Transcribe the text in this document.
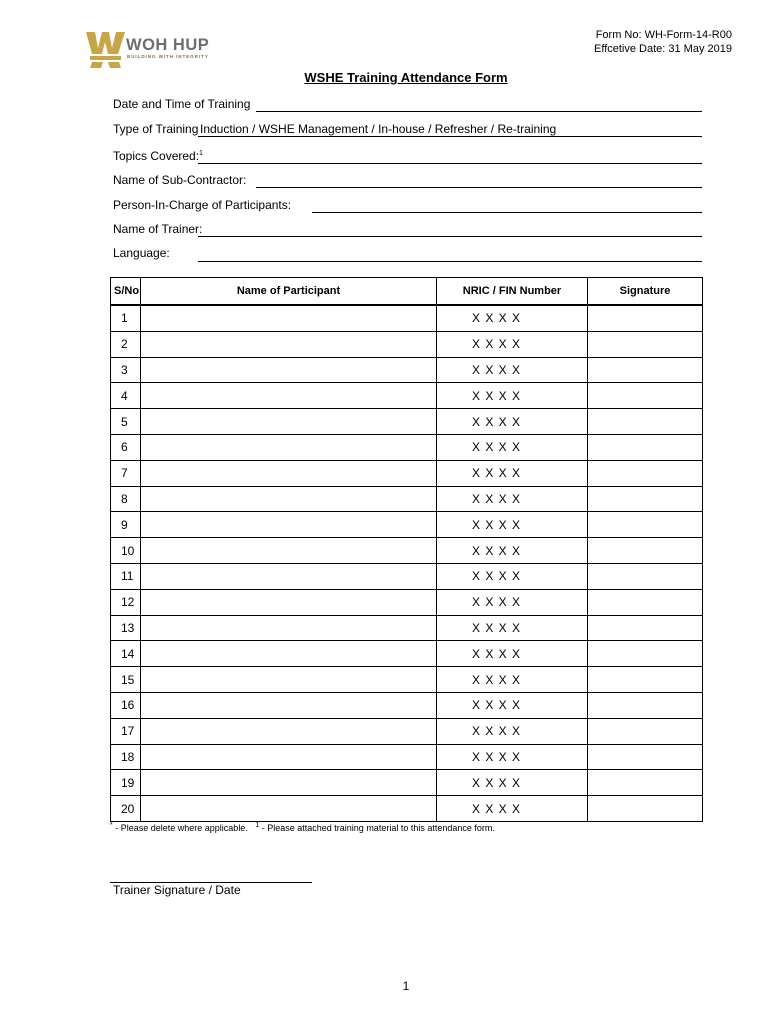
WOH HUP
BUILDING WITH INTEGRITY
Form No: WH-Form-14-R00
Effcetive Date: 31 May 2019
WSHE Training Attendance Form
Date and Time of Training
Type of Training Induction / WSHE Management / In-house / Refresher / Re-training
Topics Covered:$^1$
Name of Sub-Contractor:
Person-In-Charge of Participants:
Name of Trainer:
Language:
S/No	Name of Participant	NRIC / FIN Number	Signature
1		X X X X	
2		X X X X	
3		X X X X	
4		X X X X	
5		X X X X	
6		X X X X	
7		X X X X	
8		X X X X	
9		X X X X	
10		X X X X	
11		X X X X	
12		X X X X	
13		X X X X	
14		X X X X	
15		X X X X	
16		X X X X	
17		X X X X	
18		X X X X	
19		X X X X	
20		X X X X	
* - Please delete where applicable. $^1$ - Please attached training material to this attendance form.
Trainer Signature / Date
1
